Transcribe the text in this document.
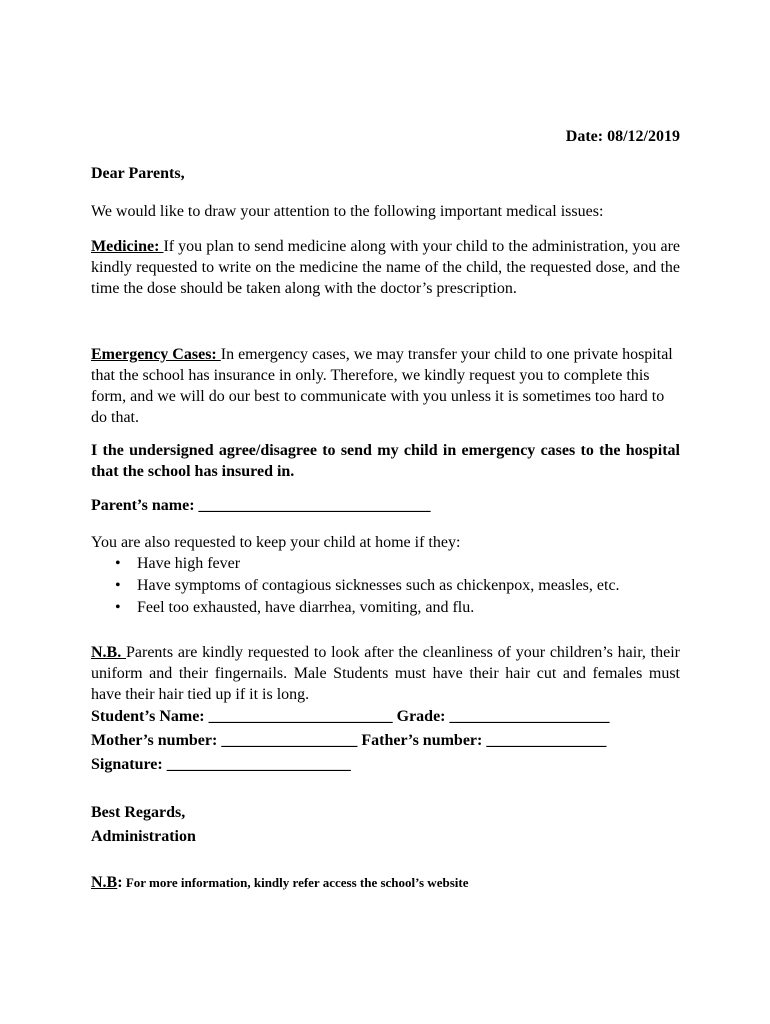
Date: 08/12/2019
Dear Parents,
We would like to draw your attention to the following important medical issues:
Medicine: If you plan to send medicine along with your child to the administration, you are kindly requested to write on the medicine the name of the child, the requested dose, and the time the dose should be taken along with the doctor’s prescription.
Emergency Cases: In emergency cases, we may transfer your child to one private hospital that the school has insurance in only. Therefore, we kindly request you to complete this form, and we will do our best to communicate with you unless it is sometimes too hard to do that.
I the undersigned agree/disagree to send my child in emergency cases to the hospital that the school has insured in.
Parent’s name: _____________________________
You are also requested to keep your child at home if they:
• Have high fever
• Have symptoms of contagious sicknesses such as chickenpox, measles, etc.
• Feel too exhausted, have diarrhea, vomiting, and flu.
N.B. Parents are kindly requested to look after the cleanliness of your children’s hair, their uniform and their fingernails. Male Students must have their hair cut and females must have their hair tied up if it is long.
Student’s Name: _______________________ Grade: ____________________
Mother’s number: _________________ Father’s number: _______________
Signature: _______________________
Best Regards,
Administration
N.B: For more information, kindly refer access the school’s website
